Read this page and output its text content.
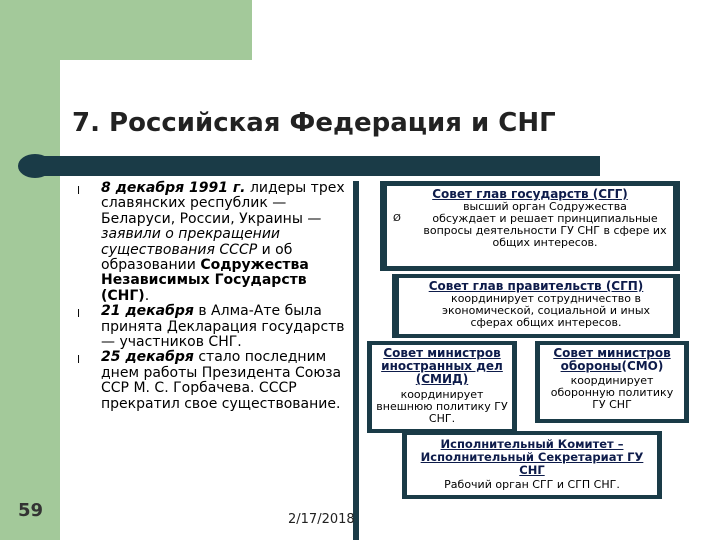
7. Российская Федерация и СНГ
l 8 декабря 1991 г. лидеры трех славянских республик — Беларуси, России, Украины —заявили о прекращении существования СССР и об образовании Содружества Независимых Государств (СНГ).
l 21 декабря в Алма-Ате была принята Декларация государств — участников СНГ.
l 25 декабря стало последним днем работы Президента Союза ССР М. С. Горбачева. СССР прекратил свое существование.

Совет глав государств (СГГ)

высший орган Содружества

Ø	обсуждает и решает принципиальные вопросы деятельности ГУ СНГ в сфере их общих интересов.

Совет глав правительств (СГП)

координирует сотрудничество в экономической, социальной и иных сферах общих интересов.

Совет министров иностранных дел (СМИД)

координирует внешнюю политику ГУ СНГ.

Совет министров обороны(СМО)

координирует оборонную политику ГУ СНГ

Исполнительный Комитет – Исполнительный Секретариат ГУ СНГ

Рабочий орган СГГ и СГП СНГ.

59	2/17/2018
